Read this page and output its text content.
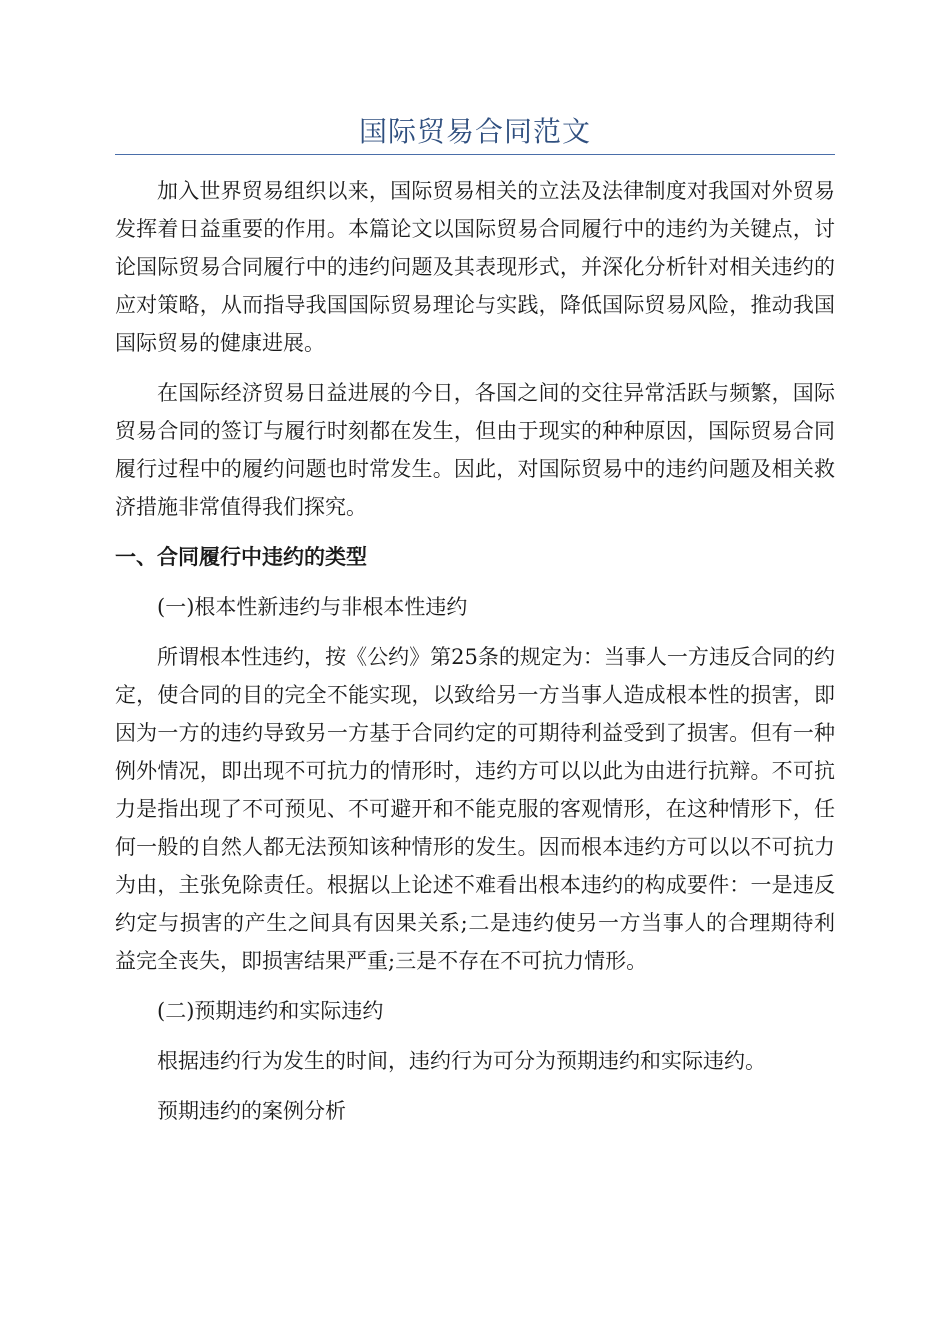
国际贸易合同范文

加入世界贸易组织以来，国际贸易相关的立法及法律制度对我国对外贸易发挥着日益重要的作用。本篇论文以国际贸易合同履行中的违约为关键点，讨论国际贸易合同履行中的违约问题及其表现形式，并深化分析针对相关违约的应对策略，从而指导我国国际贸易理论与实践，降低国际贸易风险，推动我国国际贸易的健康进展。

在国际经济贸易日益进展的今日，各国之间的交往异常活跃与频繁，国际贸易合同的签订与履行时刻都在发生，但由于现实的种种原因，国际贸易合同履行过程中的履约问题也时常发生。因此，对国际贸易中的违约问题及相关救济措施非常值得我们探究。

一、合同履行中违约的类型
(一)根本性新违约与非根本性违约

所谓根本性违约，按《公约》第25条的规定为：当事人一方违反合同的约定，使合同的目的完全不能实现，以致给另一方当事人造成根本性的损害，即因为一方的违约导致另一方基于合同约定的可期待利益受到了损害。但有一种例外情况，即出现不可抗力的情形时，违约方可以以此为由进行抗辩。不可抗力是指出现了不可预见、不可避开和不能克服的客观情形，在这种情形下，任何一般的自然人都无法预知该种情形的发生。因而根本违约方可以以不可抗力为由，主张免除责任。根据以上论述不难看出根本违约的构成要件：一是违反约定与损害的产生之间具有因果关系;二是违约使另一方当事人的合理期待利益完全丧失，即损害结果严重;三是不存在不可抗力情形。

(二)预期违约和实际违约

根据违约行为发生的时间，违约行为可分为预期违约和实际违约。

预期违约的案例分析
